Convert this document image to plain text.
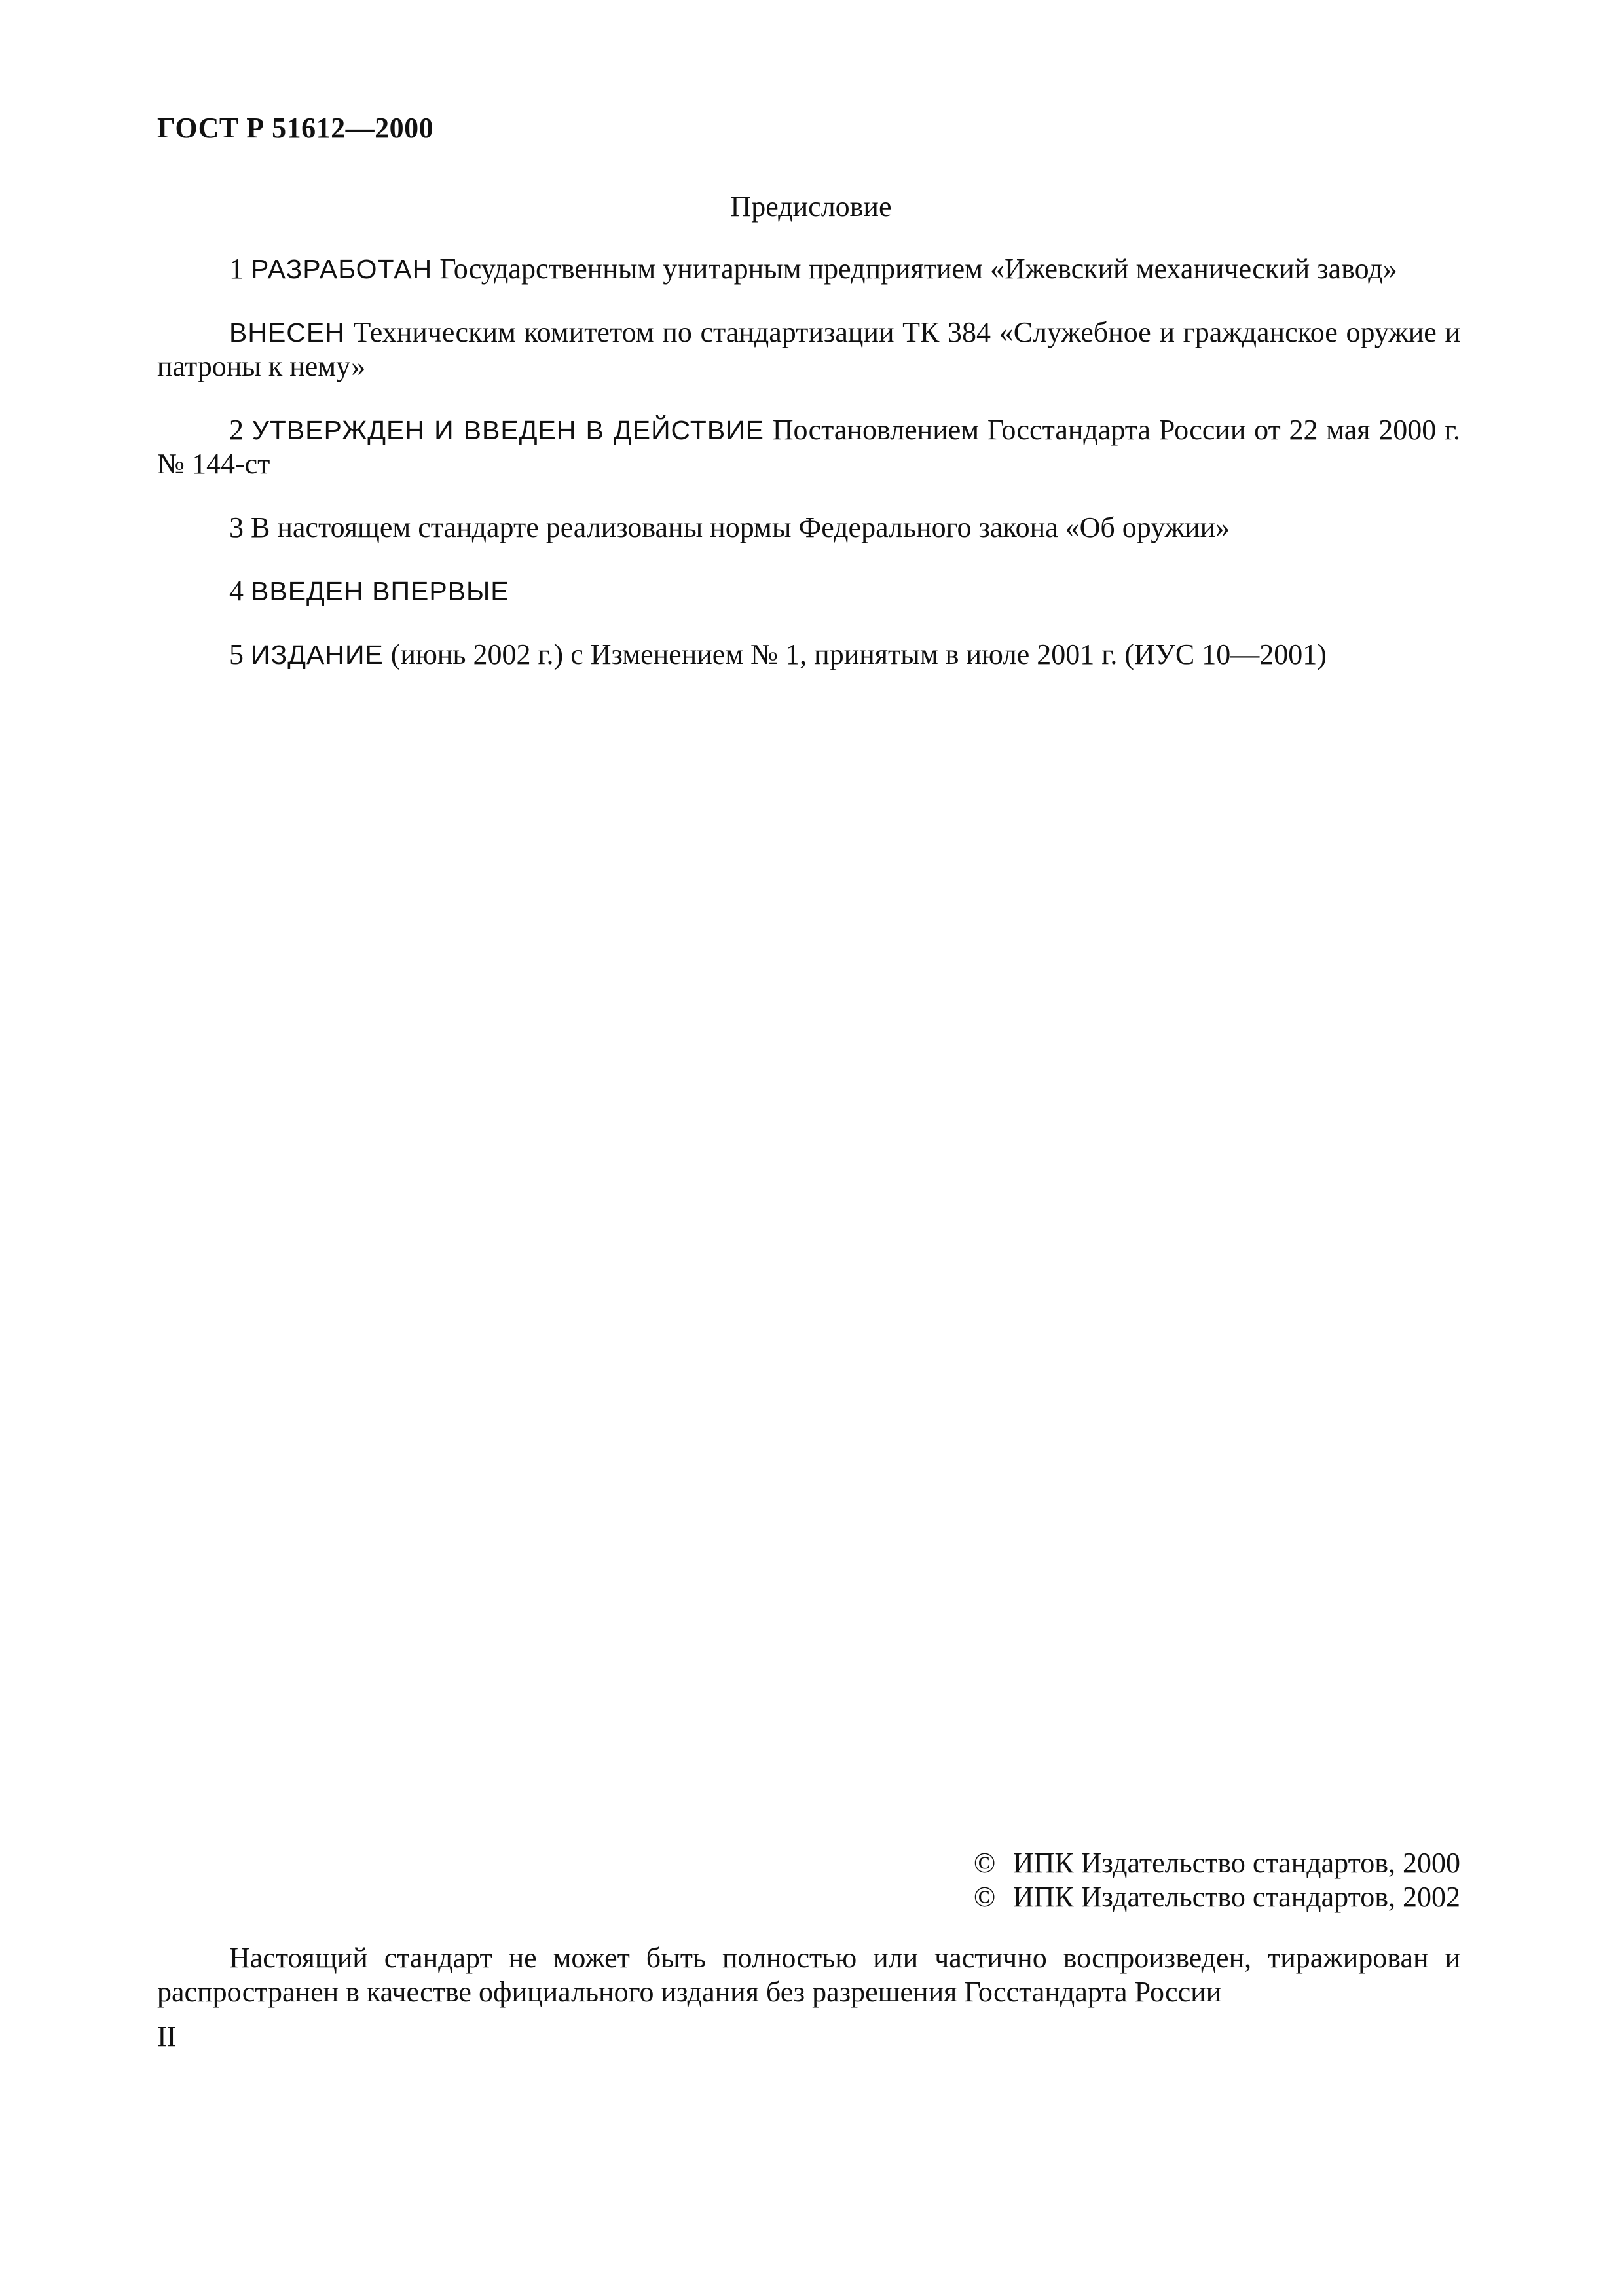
ГОСТ Р 51612—2000
Предисловие

1 РАЗРАБОТАН Государственным унитарным предприятием «Ижевский механический завод»

ВНЕСЕН Техническим комитетом по стандартизации ТК 384 «Служебное и гражданское оружие и патроны к нему»

2 УТВЕРЖДЕН И ВВЕДЕН В ДЕЙСТВИЕ Постановлением Госстандарта России от 22 мая 2000 г. № 144-ст

3 В настоящем стандарте реализованы нормы Федерального закона «Об оружии»

4 ВВЕДЕН ВПЕРВЫЕ

5 ИЗДАНИЕ (июнь 2002 г.) с Изменением № 1, принятым в июле 2001 г. (ИУС 10—2001)

© ИПК Издательство стандартов, 2000
© ИПК Издательство стандартов, 2002
Настоящий стандарт не может быть полностью или частично воспроизведен, тиражирован и распространен в качестве официального издания без разрешения Госстандарта России
II
